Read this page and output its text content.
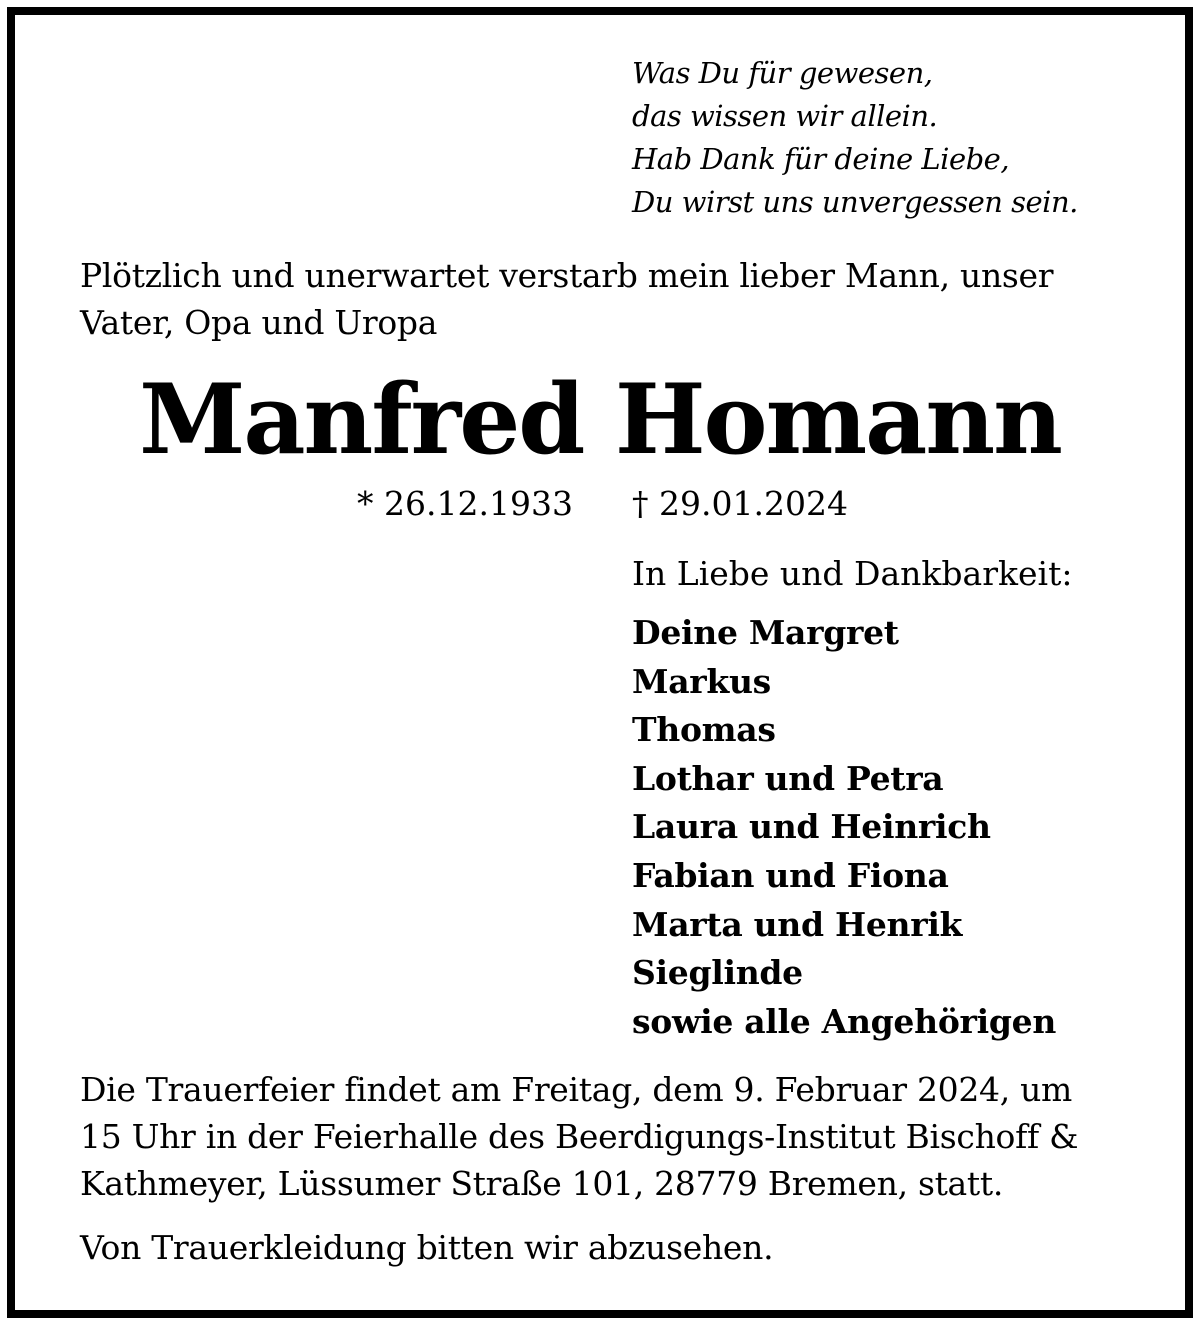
Was Du für gewesen,
das wissen wir allein.
Hab Dank für deine Liebe,
Du wirst uns unvergessen sein.
Plötzlich und unerwartet verstarb mein lieber Mann, unser
Vater, Opa und Uropa
Manfred Homann
* 26.12.1933 † 29.01.2024
In Liebe und Dankbarkeit:
Deine Margret
Markus
Thomas
Lothar und Petra
Laura und Heinrich
Fabian und Fiona
Marta und Henrik
Sieglinde
sowie alle Angehörigen
Die Trauerfeier findet am Freitag, dem 9. Februar 2024, um
15 Uhr in der Feierhalle des Beerdigungs-Institut Bischoff &
Kathmeyer, Lüssumer Straße 101, 28779 Bremen, statt.
Von Trauerkleidung bitten wir abzusehen.
